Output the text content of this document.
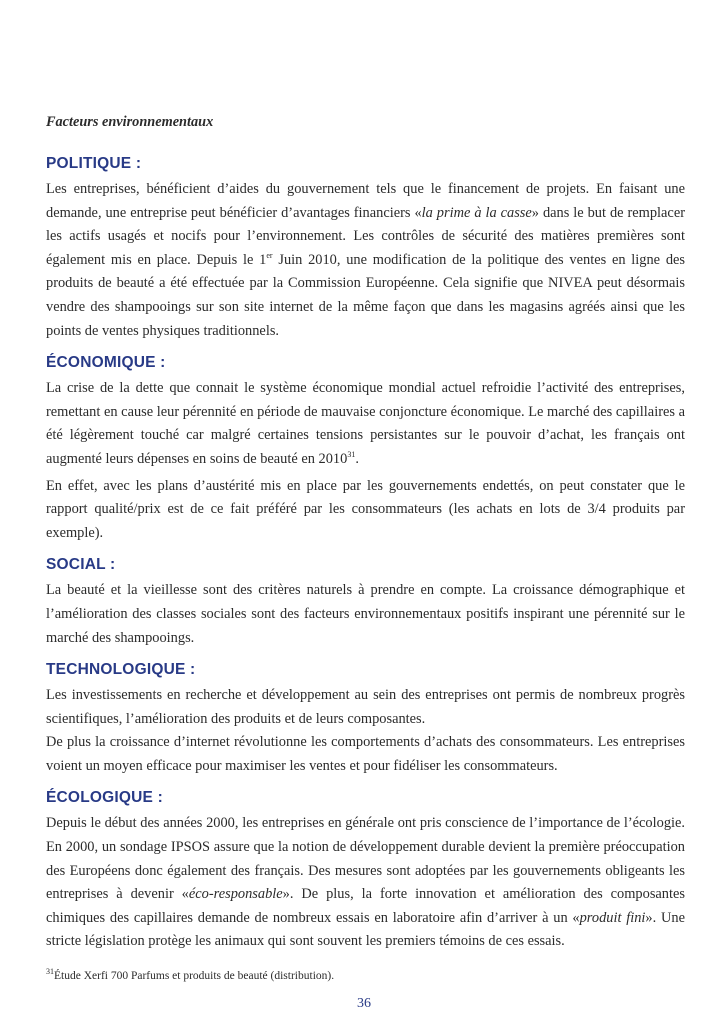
Facteurs environnementaux

POLITIQUE :

Les entreprises, bénéficient d’aides du gouvernement tels que le financement de projets. En faisant une demande, une entreprise peut bénéficier d’avantages financiers «la prime à la casse» dans le but de remplacer les actifs usagés et nocifs pour l’environnement. Les contrôles de sécurité des matières premières sont également mis en place. Depuis le 1er Juin 2010, une modification de la politique des ventes en ligne des produits de beauté a été effectuée par la Commission Européenne. Cela signifie que NIVEA peut désormais vendre des shampooings sur son site internet de la même façon que dans les magasins agréés ainsi que les points de ventes physiques traditionnels.

ÉCONOMIQUE :

La crise de la dette que connait le système économique mondial actuel refroidie l’activité des entreprises, remettant en cause leur pérennité en période de mauvaise conjoncture économique. Le marché des capillaires a été légèrement touché car malgré certaines tensions persistantes sur le pouvoir d’achat, les français ont augmenté leurs dépenses en soins de beauté en 2010$^{31}$.

En effet, avec les plans d’austérité mis en place par les gouvernements endettés, on peut constater que le rapport qualité/prix est de ce fait préféré par les consommateurs (les achats en lots de 3/4 produits par exemple).

SOCIAL :

La beauté et la vieillesse sont des critères naturels à prendre en compte. La croissance démographique et l’amélioration des classes sociales sont des facteurs environnementaux positifs inspirant une pérennité sur le marché des shampooings.

TECHNOLOGIQUE :

Les investissements en recherche et développement au sein des entreprises ont permis de nombreux progrès scientifiques, l’amélioration des produits et de leurs composantes.

De plus la croissance d’internet révolutionne les comportements d’achats des consommateurs. Les entreprises voient un moyen efficace pour maximiser les ventes et pour fidéliser les consommateurs.

ÉCOLOGIQUE :

Depuis le début des années 2000, les entreprises en générale ont pris conscience de l’importance de l’écologie. En 2000, un sondage IPSOS assure que la notion de développement durable devient la première préoccupation des Européens donc également des français. Des mesures sont adoptées par les gouvernements obligeants les entreprises à devenir «éco-responsable». De plus, la forte innovation et amélioration des composantes chimiques des capillaires demande de nombreux essais en laboratoire afin d’arriver à un «produit fini». Une stricte législation protège les animaux qui sont souvent les premiers témoins de ces essais.

$^{31}$Étude Xerfi 700 Parfums et produits de beauté (distribution).
36
